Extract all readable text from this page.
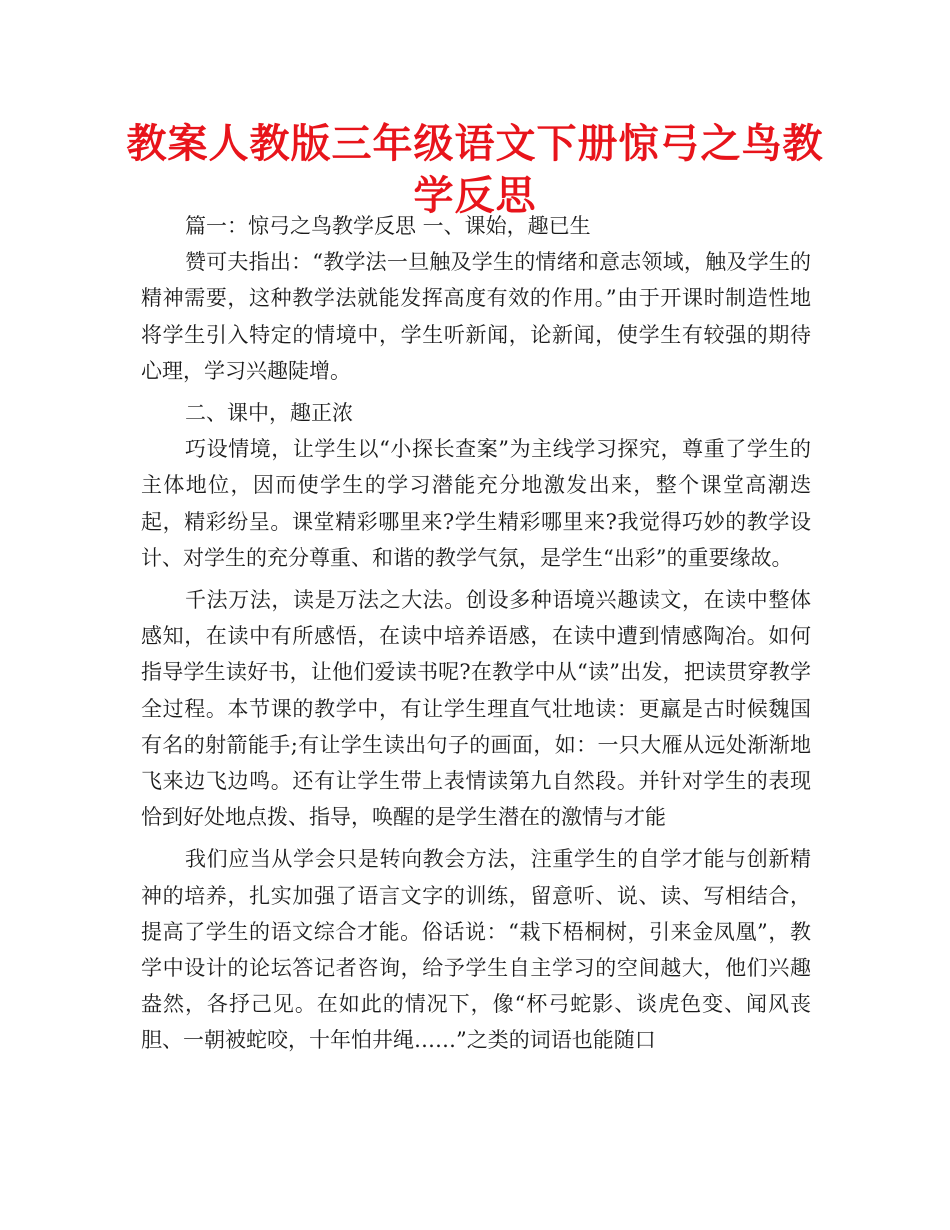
教案人教版三年级语文下册惊弓之鸟教学反思

篇一：惊弓之鸟教学反思 一、课始，趣已生

赞可夫指出：“教学法一旦触及学生的情绪和意志领域，触及学生的精神需要，这种教学法就能发挥高度有效的作用。”由于开课时制造性地将学生引入特定的情境中，学生听新闻，论新闻，使学生有较强的期待心理，学习兴趣陡增。

二、课中，趣正浓

巧设情境，让学生以“小探长查案”为主线学习探究，尊重了学生的主体地位，因而使学生的学习潜能充分地激发出来，整个课堂高潮迭起，精彩纷呈。课堂精彩哪里来?学生精彩哪里来?我觉得巧妙的教学设计、对学生的充分尊重、和谐的教学气氛，是学生“出彩”的重要缘故。

千法万法，读是万法之大法。创设多种语境兴趣读文，在读中整体感知，在读中有所感悟，在读中培养语感，在读中遭到情感陶冶。如何指导学生读好书，让他们爱读书呢?在教学中从“读”出发，把读贯穿教学全过程。本节课的教学中，有让学生理直气壮地读：更羸是古时候魏国有名的射箭能手;有让学生读出句子的画面，如：一只大雁从远处渐渐地飞来边飞边鸣。还有让学生带上表情读第九自然段。并针对学生的表现恰到好处地点拨、指导，唤醒的是学生潜在的激情与才能

我们应当从学会只是转向教会方法，注重学生的自学才能与创新精神的培养，扎实加强了语言文字的训练，留意听、说、读、写相结合，提高了学生的语文综合才能。俗话说：“栽下梧桐树，引来金凤凰”，教学中设计的论坛答记者咨询，给予学生自主学习的空间越大，他们兴趣盎然，各抒己见。在如此的情况下，像“杯弓蛇影、谈虎色变、闻风丧胆、一朝被蛇咬，十年怕井绳……”之类的词语也能随口
